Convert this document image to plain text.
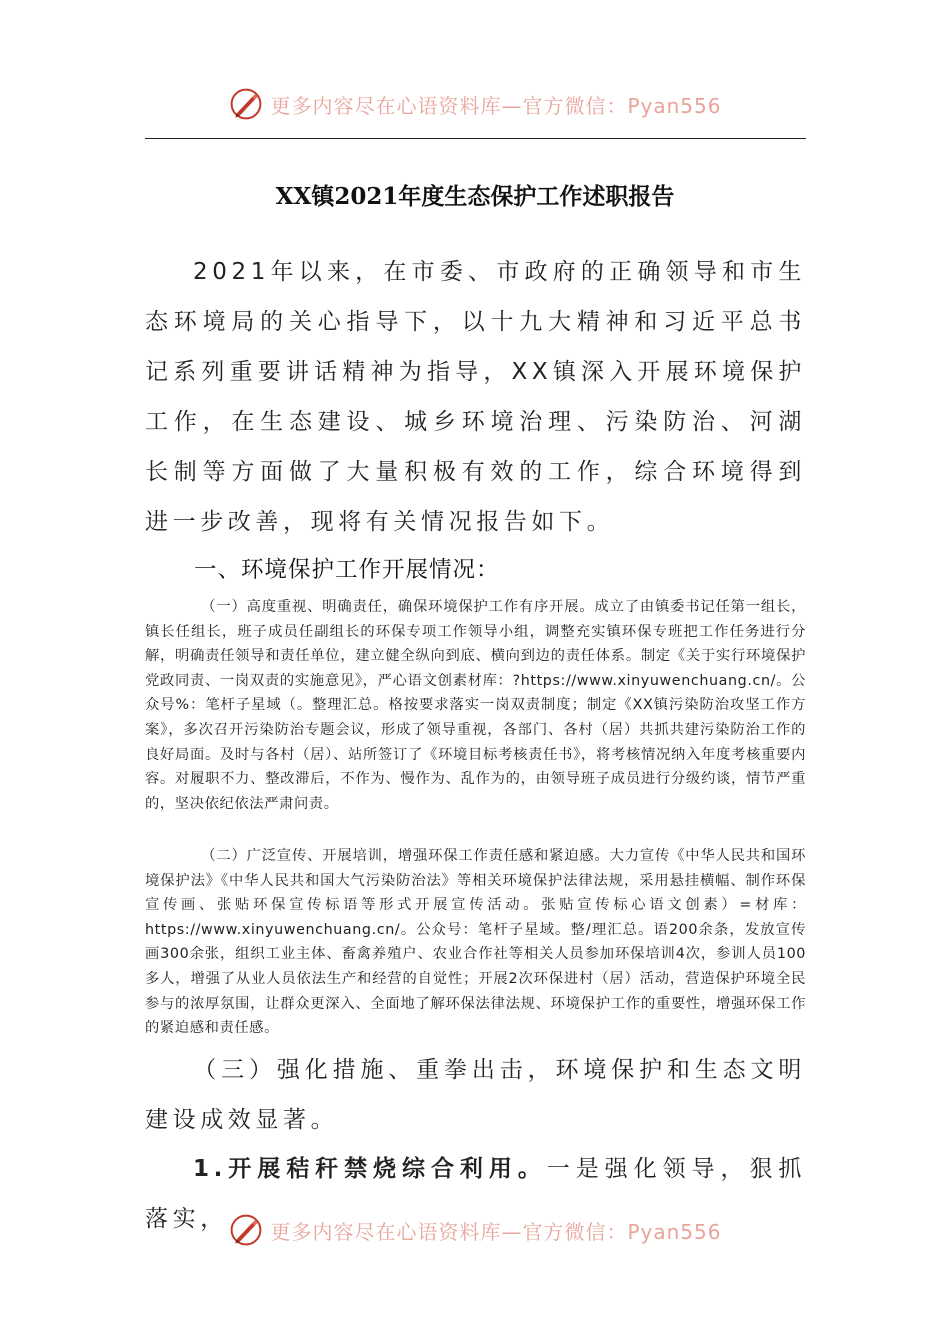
更多内容尽在心语资料库—官方微信：Pyan556
XX镇2021年度生态保护工作述职报告

2021年以来，在市委、市政府的正确领导和市生态环境局的关心指导下，以十九大精神和习近平总书记系列重要讲话精神为指导，XX镇深入开展环境保护工作，在生态建设、城乡环境治理、污染防治、河湖长制等方面做了大量积极有效的工作，综合环境得到进一步改善，现将有关情况报告如下。

一、环境保护工作开展情况：

（一）高度重视、明确责任，确保环境保护工作有序开展。成立了由镇委书记任第一组长，镇长任组长，班子成员任副组长的环保专项工作领导小组，调整充实镇环保专班把工作任务进行分解，明确责任领导和责任单位，建立健全纵向到底、横向到边的责任体系。制定《关于实行环境保护党政同责、一岗双责的实施意见》，严心语文创素材库：?https://www.xinyuwenchuang.cn/。公众号%：笔杆子星域（。整理汇总。格按要求落实一岗双责制度；制定《XX镇污染防治攻坚工作方案》，多次召开污染防治专题会议，形成了领导重视，各部门、各村（居）共抓共建污染防治工作的良好局面。及时与各村（居）、站所签订了《环境目标考核责任书》，将考核情况纳入年度考核重要内容。对履职不力、整改滞后，不作为、慢作为、乱作为的，由领导班子成员进行分级约谈，情节严重的，坚决依纪依法严肃问责。

（二）广泛宣传、开展培训，增强环保工作责任感和紧迫感。大力宣传《中华人民共和国环境保护法》《中华人民共和国大气污染防治法》等相关环境保护法律法规，采用悬挂横幅、制作环保宣传画、张贴环保宣传标语等形式开展宣传活动。张贴宣传标心语文创素）=材库：https://www.xinyuwenchuang.cn/。公众号：笔杆子星域。整/理汇总。语200余条，发放宣传画300余张，组织工业主体、畜禽养殖户、农业合作社等相关人员参加环保培训4次，参训人员100多人，增强了从业人员依法生产和经营的自觉性；开展2次环保进村（居）活动，营造保护环境全民参与的浓厚氛围，让群众更深入、全面地了解环保法律法规、环境保护工作的重要性，增强环保工作的紧迫感和责任感。

（三）强化措施、重拳出击，环境保护和生态文明建设成效显著。

1.开展秸秆禁烧综合利用。一是强化领导，狠抓落实，	更多内容尽在心语资料库—官方微信：Pyan556
